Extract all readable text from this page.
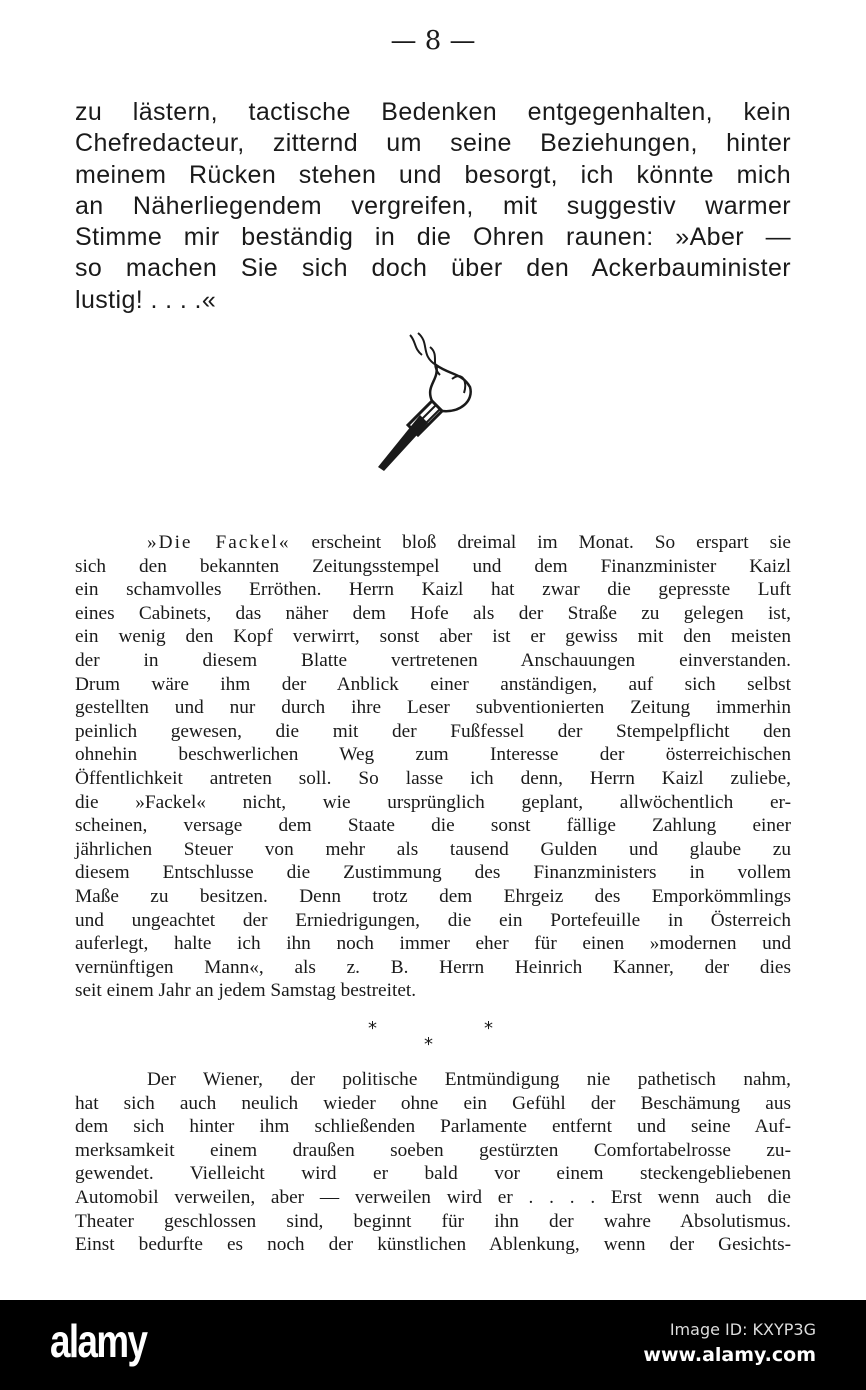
— 8 —
zu lästern, tactische Bedenken entgegenhalten, kein
Chefredacteur, zitternd um seine Beziehungen, hinter
meinem Rücken stehen und besorgt, ich könnte mich
an Näherliegendem vergreifen, mit suggestiv warmer
Stimme mir beständig in die Ohren raunen: »Aber —
so machen Sie sich doch über den Ackerbauminister
lustig! . . . .«
»Die Fackel« erscheint bloß dreimal im Monat. So erspart sie
sich den bekannten Zeitungsstempel und dem Finanzminister Kaizl
ein schamvolles Erröthen. Herrn Kaizl hat zwar die gepresste Luft
eines Cabinets, das näher dem Hofe als der Straße zu gelegen ist,
ein wenig den Kopf verwirrt, sonst aber ist er gewiss mit den meisten
der in diesem Blatte vertretenen Anschauungen einverstanden.
Drum wäre ihm der Anblick einer anständigen, auf sich selbst
gestellten und nur durch ihre Leser subventionierten Zeitung immerhin
peinlich gewesen, die mit der Fußfessel der Stempelpflicht den
ohnehin beschwerlichen Weg zum Interesse der österreichischen
Öffentlichkeit antreten soll. So lasse ich denn, Herrn Kaizl zuliebe,
die »Fackel« nicht, wie ursprünglich geplant, allwöchentlich er-
scheinen, versage dem Staate die sonst fällige Zahlung einer
jährlichen Steuer von mehr als tausend Gulden und glaube zu
diesem Entschlusse die Zustimmung des Finanzministers in vollem
Maße zu besitzen. Denn trotz dem Ehrgeiz des Emporkömmlings
und ungeachtet der Erniedrigungen, die ein Portefeuille in Österreich
auferlegt, halte ich ihn noch immer eher für einen »modernen und
vernünftigen Mann«, als z. B. Herrn Heinrich Kanner, der dies
seit einem Jahr an jedem Samstag bestreitet.
*
*
*
Der Wiener, der politische Entmündigung nie pathetisch nahm,
hat sich auch neulich wieder ohne ein Gefühl der Beschämung aus
dem sich hinter ihm schließenden Parlamente entfernt und seine Auf-
merksamkeit einem draußen soeben gestürzten Comfortabelrosse zu-
gewendet. Vielleicht wird er bald vor einem steckengebliebenen
Automobil verweilen, aber — verweilen wird er . . . . Erst wenn auch die
Theater geschlossen sind, beginnt für ihn der wahre Absolutismus.
Einst bedurfte es noch der künstlichen Ablenkung, wenn der Gesichts-
alamy	Image ID: KXYP3G
www.alamy.com
